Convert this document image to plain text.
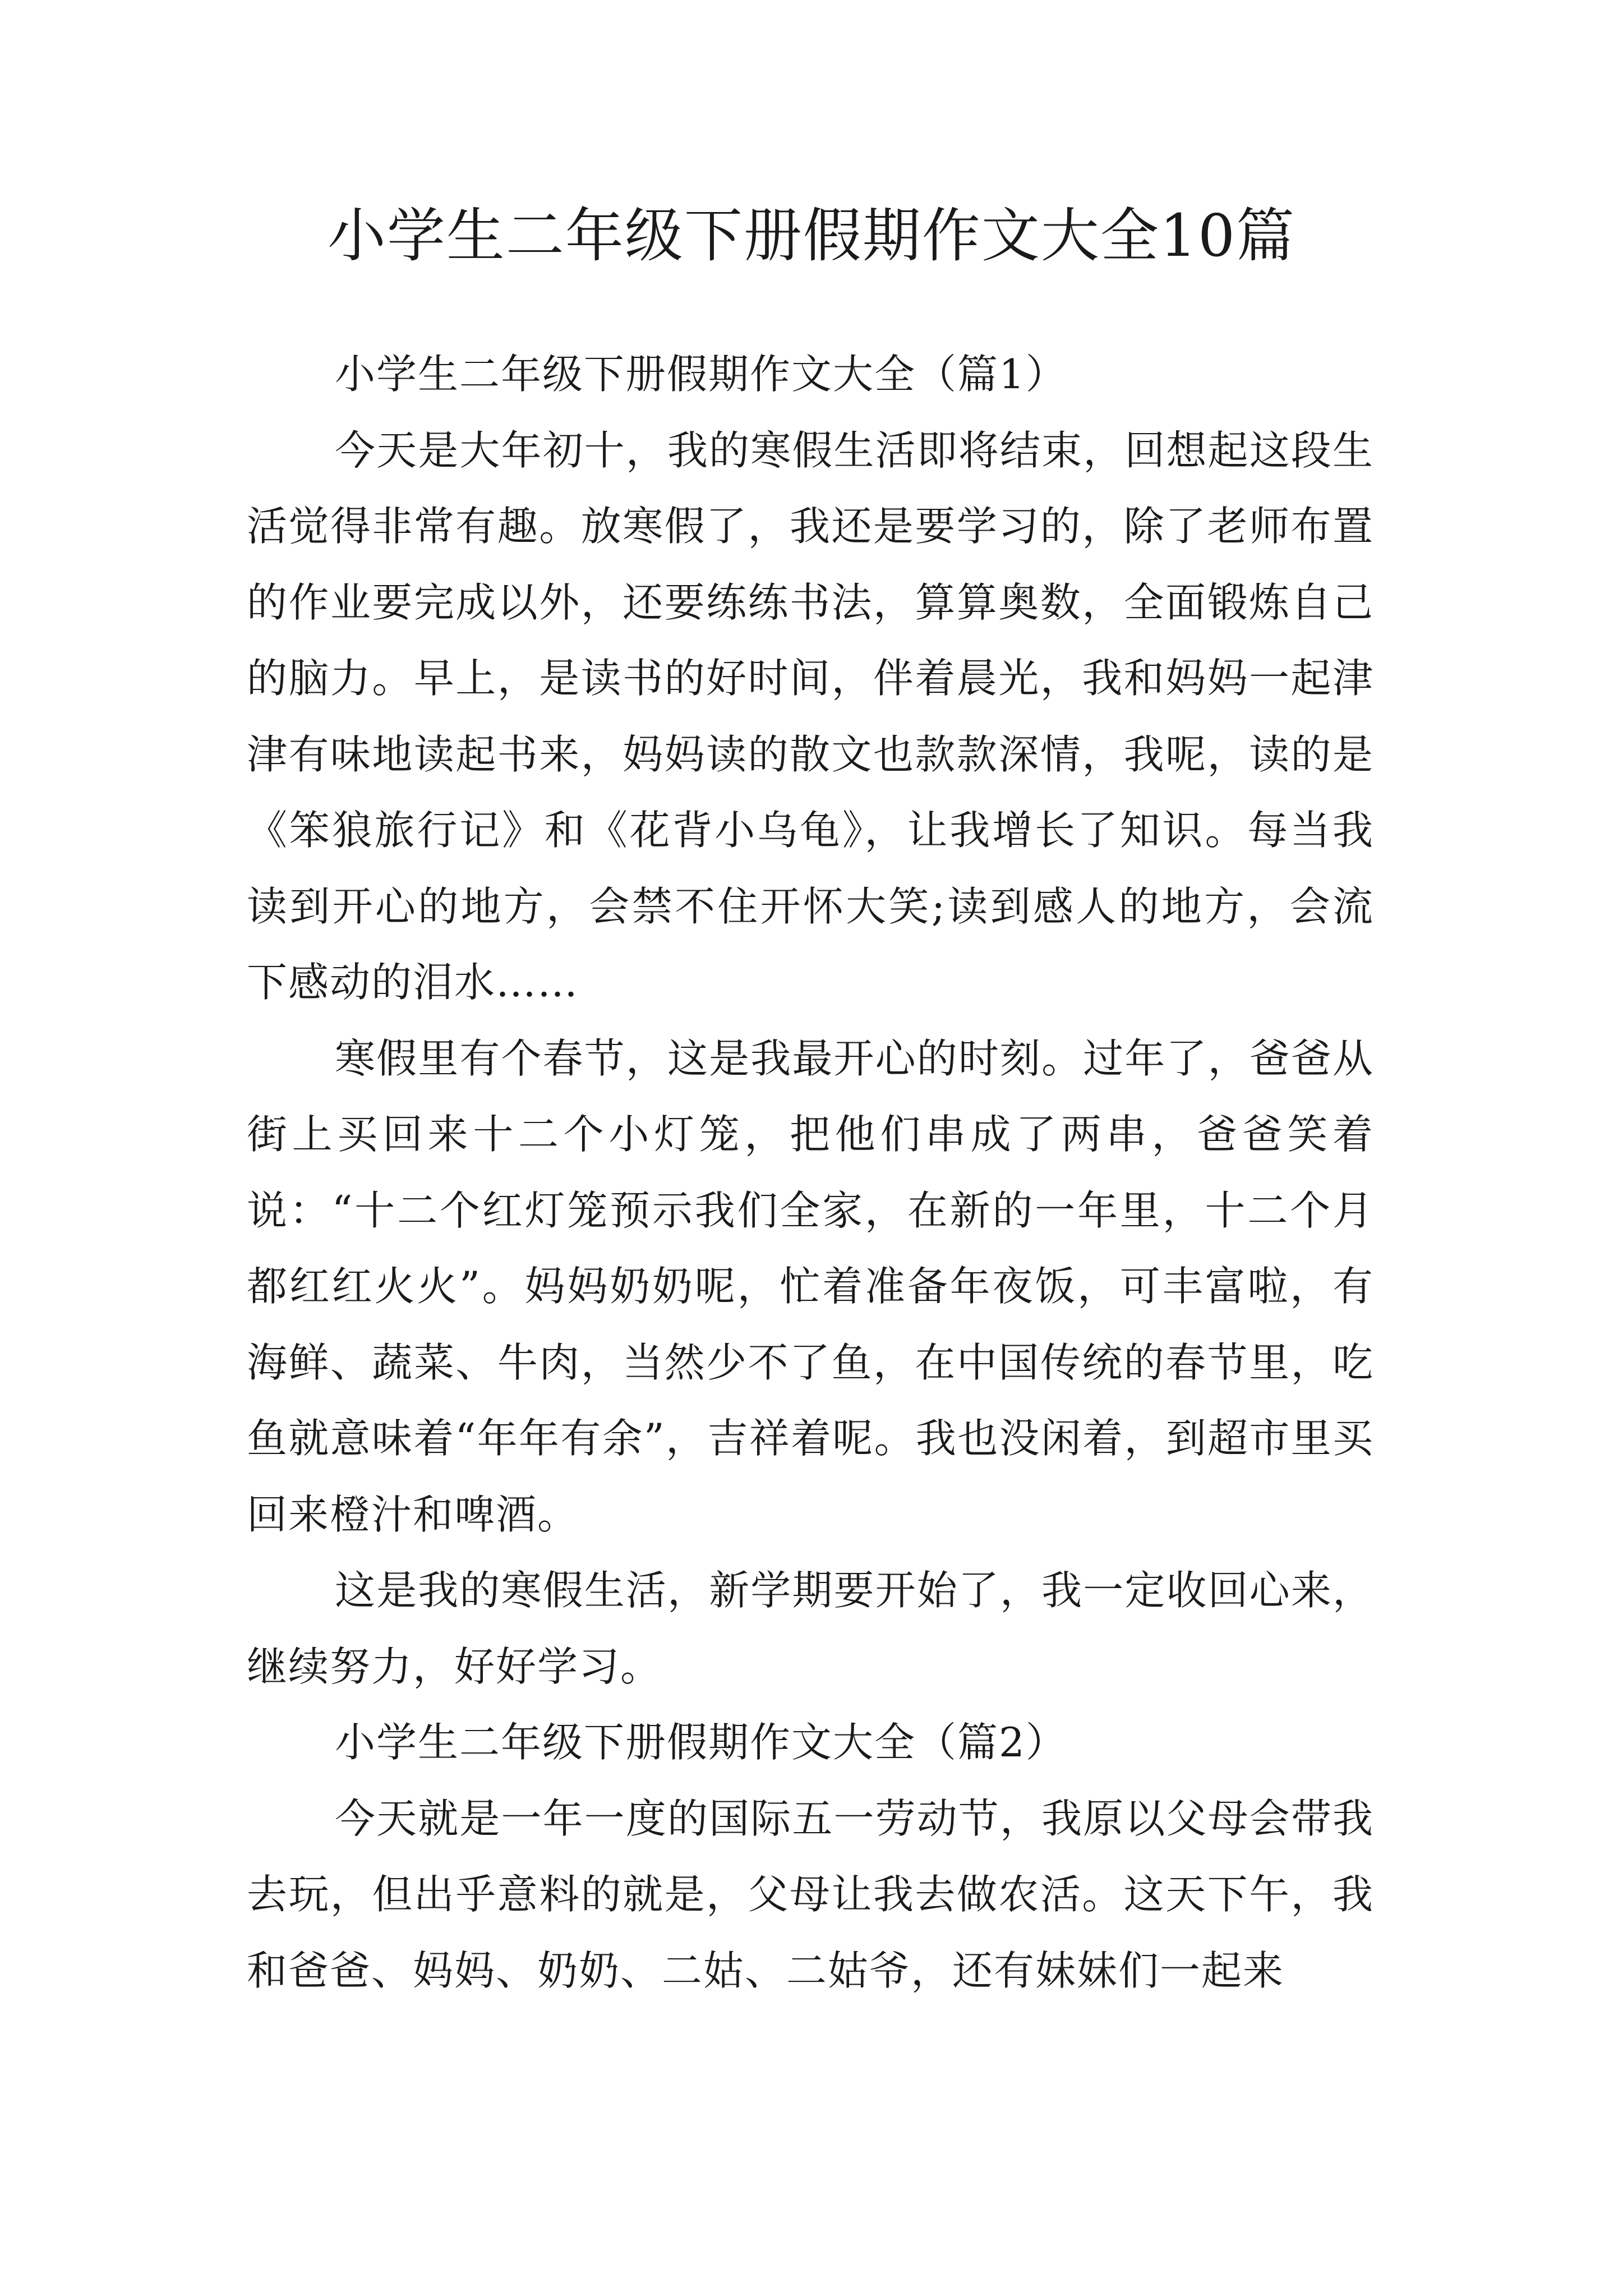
小学生二年级下册假期作文大全10篇

小学生二年级下册假期作文大全（篇1）

今天是大年初十，我的寒假生活即将结束，回想起这段生活觉得非常有趣。放寒假了，我还是要学习的，除了老师布置的作业要完成以外，还要练练书法，算算奥数，全面锻炼自己的脑力。早上，是读书的好时间，伴着晨光，我和妈妈一起津津有味地读起书来，妈妈读的散文也款款深情，我呢，读的是《笨狼旅行记》和《花背小乌龟》，让我增长了知识。每当我读到开心的地方，会禁不住开怀大笑;读到感人的地方，会流下感动的泪水……

寒假里有个春节，这是我最开心的时刻。过年了，爸爸从街上买回来十二个小灯笼，把他们串成了两串，爸爸笑着说：“十二个红灯笼预示我们全家，在新的一年里，十二个月都红红火火”。妈妈奶奶呢，忙着准备年夜饭，可丰富啦，有海鲜、蔬菜、牛肉，当然少不了鱼，在中国传统的春节里，吃鱼就意味着“年年有余”，吉祥着呢。我也没闲着，到超市里买回来橙汁和啤酒。

这是我的寒假生活，新学期要开始了，我一定收回心来，继续努力，好好学习。

小学生二年级下册假期作文大全（篇2）

今天就是一年一度的国际五一劳动节，我原以父母会带我去玩，但出乎意料的就是，父母让我去做农活。这天下午，我和爸爸、妈妈、奶奶、二姑、二姑爷，还有妹妹们一起来
